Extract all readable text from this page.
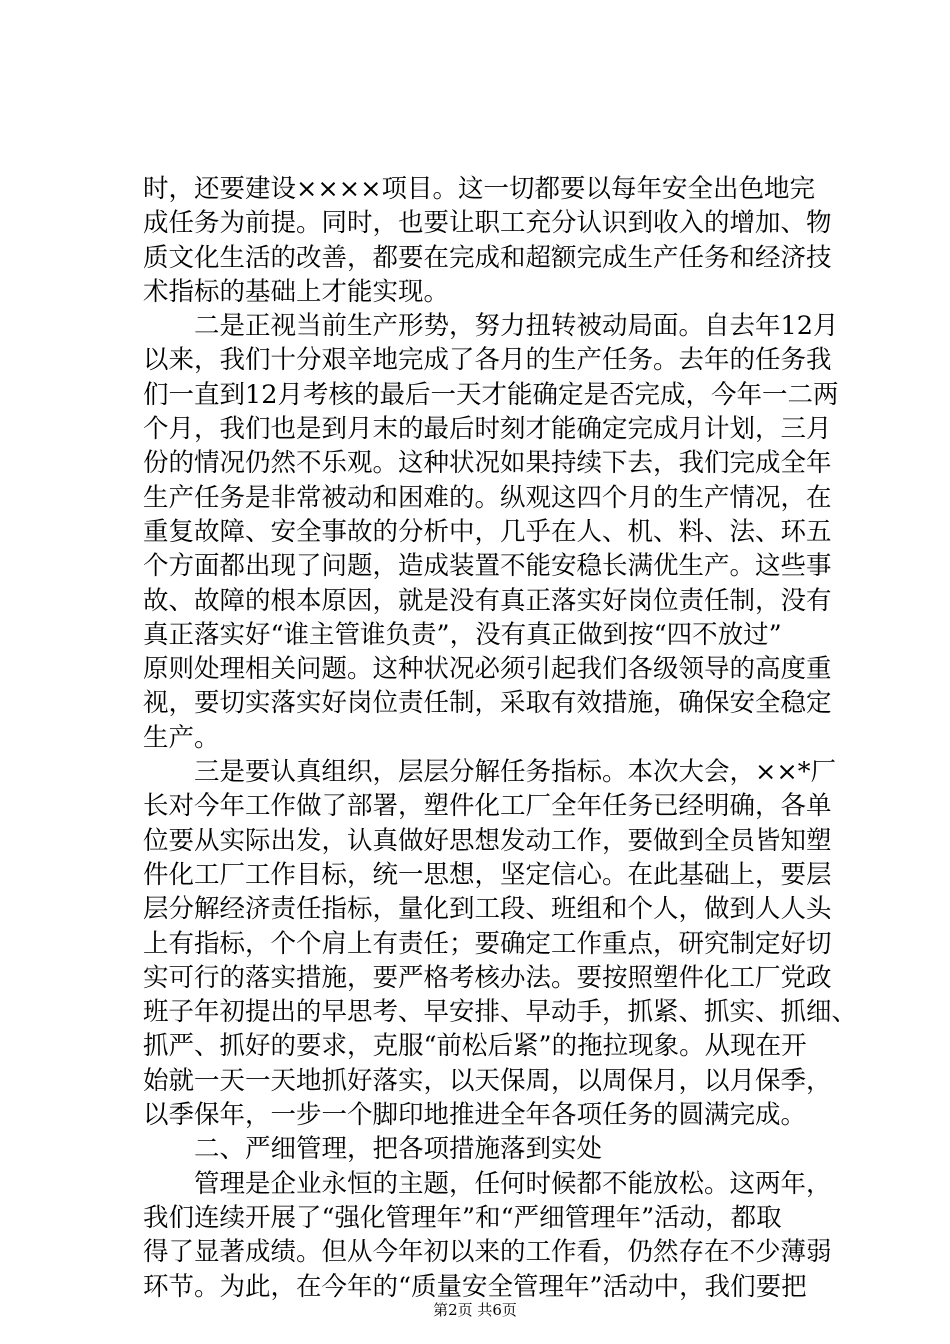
时，还要建设××××项目。这一切都要以每年安全出色地完
成任务为前提。同时，也要让职工充分认识到收入的增加、物
质文化生活的改善，都要在完成和超额完成生产任务和经济技
术指标的基础上才能实现。
　　二是正视当前生产形势，努力扭转被动局面。自去年12月
以来，我们十分艰辛地完成了各月的生产任务。去年的任务我
们一直到12月考核的最后一天才能确定是否完成，今年一二两
个月，我们也是到月末的最后时刻才能确定完成月计划，三月
份的情况仍然不乐观。这种状况如果持续下去，我们完成全年
生产任务是非常被动和困难的。纵观这四个月的生产情况，在
重复故障、安全事故的分析中，几乎在人、机、料、法、环五
个方面都出现了问题，造成装置不能安稳长满优生产。这些事
故、故障的根本原因，就是没有真正落实好岗位责任制，没有
真正落实好“谁主管谁负责”，没有真正做到按“四不放过”
原则处理相关问题。这种状况必须引起我们各级领导的高度重
视，要切实落实好岗位责任制，采取有效措施，确保安全稳定
生产。
　　三是要认真组织，层层分解任务指标。本次大会，××*厂
长对今年工作做了部署，塑件化工厂全年任务已经明确，各单
位要从实际出发，认真做好思想发动工作，要做到全员皆知塑
件化工厂工作目标，统一思想，坚定信心。在此基础上，要层
层分解经济责任指标，量化到工段、班组和个人，做到人人头
上有指标，个个肩上有责任；要确定工作重点，研究制定好切
实可行的落实措施，要严格考核办法。要按照塑件化工厂党政
班子年初提出的早思考、早安排、早动手，抓紧、抓实、抓细、
抓严、抓好的要求，克服“前松后紧”的拖拉现象。从现在开
始就一天一天地抓好落实，以天保周，以周保月，以月保季，
以季保年，一步一个脚印地推进全年各项任务的圆满完成。
　　二、严细管理，把各项措施落到实处
　　管理是企业永恒的主题，任何时候都不能放松。这两年，
我们连续开展了“强化管理年”和“严细管理年”活动，都取
得了显著成绩。但从今年初以来的工作看，仍然存在不少薄弱
环节。为此，在今年的“质量安全管理年”活动中，我们要把
第2页 共6页
